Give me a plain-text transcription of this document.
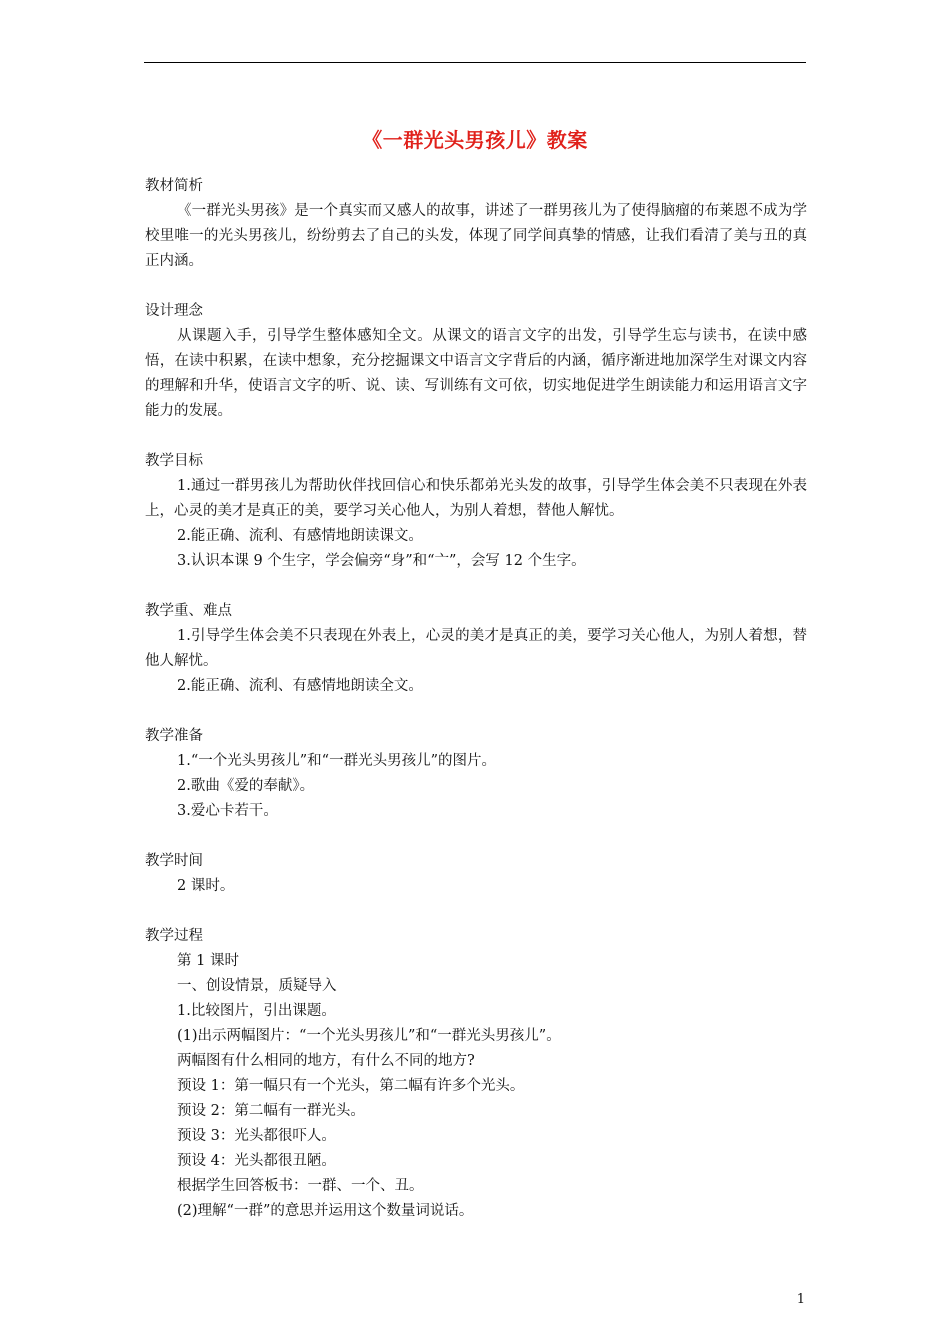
《一群光头男孩儿》教案

教材简析

《一群光头男孩》是一个真实而又感人的故事，讲述了一群男孩儿为了使得脑瘤的布莱恩不成为学校里唯一的光头男孩儿，纷纷剪去了自己的头发，体现了同学间真挚的情感，让我们看清了美与丑的真正内涵。

设计理念

从课题入手，引导学生整体感知全文。从课文的语言文字的出发，引导学生忘与读书，在读中感悟，在读中积累，在读中想象，充分挖掘课文中语言文字背后的内涵，循序渐进地加深学生对课文内容的理解和升华，使语言文字的听、说、读、写训练有文可依，切实地促进学生朗读能力和运用语言文字能力的发展。

教学目标

1.通过一群男孩儿为帮助伙伴找回信心和快乐都弟光头发的故事，引导学生体会美不只表现在外表上，心灵的美才是真正的美，要学习关心他人，为别人着想，替他人解忧。

2.能正确、流利、有感情地朗读课文。

3.认识本课 9 个生字，学会偏旁“身”和“亠”，会写 12 个生字。

教学重、难点

1.引导学生体会美不只表现在外表上，心灵的美才是真正的美，要学习关心他人，为别人着想，替他人解忧。

2.能正确、流利、有感情地朗读全文。

教学准备

1.“一个光头男孩儿”和“一群光头男孩儿”的图片。

2.歌曲《爱的奉献》。

3.爱心卡若干。

教学时间

2 课时。

教学过程

第 1 课时

一、创设情景，质疑导入

1.比较图片，引出课题。

(1)出示两幅图片：“一个光头男孩儿”和“一群光头男孩儿”。

两幅图有什么相同的地方，有什么不同的地方?

预设 1：第一幅只有一个光头，第二幅有许多个光头。

预设 2：第二幅有一群光头。

预设 3：光头都很吓人。

预设 4：光头都很丑陋。

根据学生回答板书：一群、一个、丑。

(2)理解“一群”的意思并运用这个数量词说话。

1
